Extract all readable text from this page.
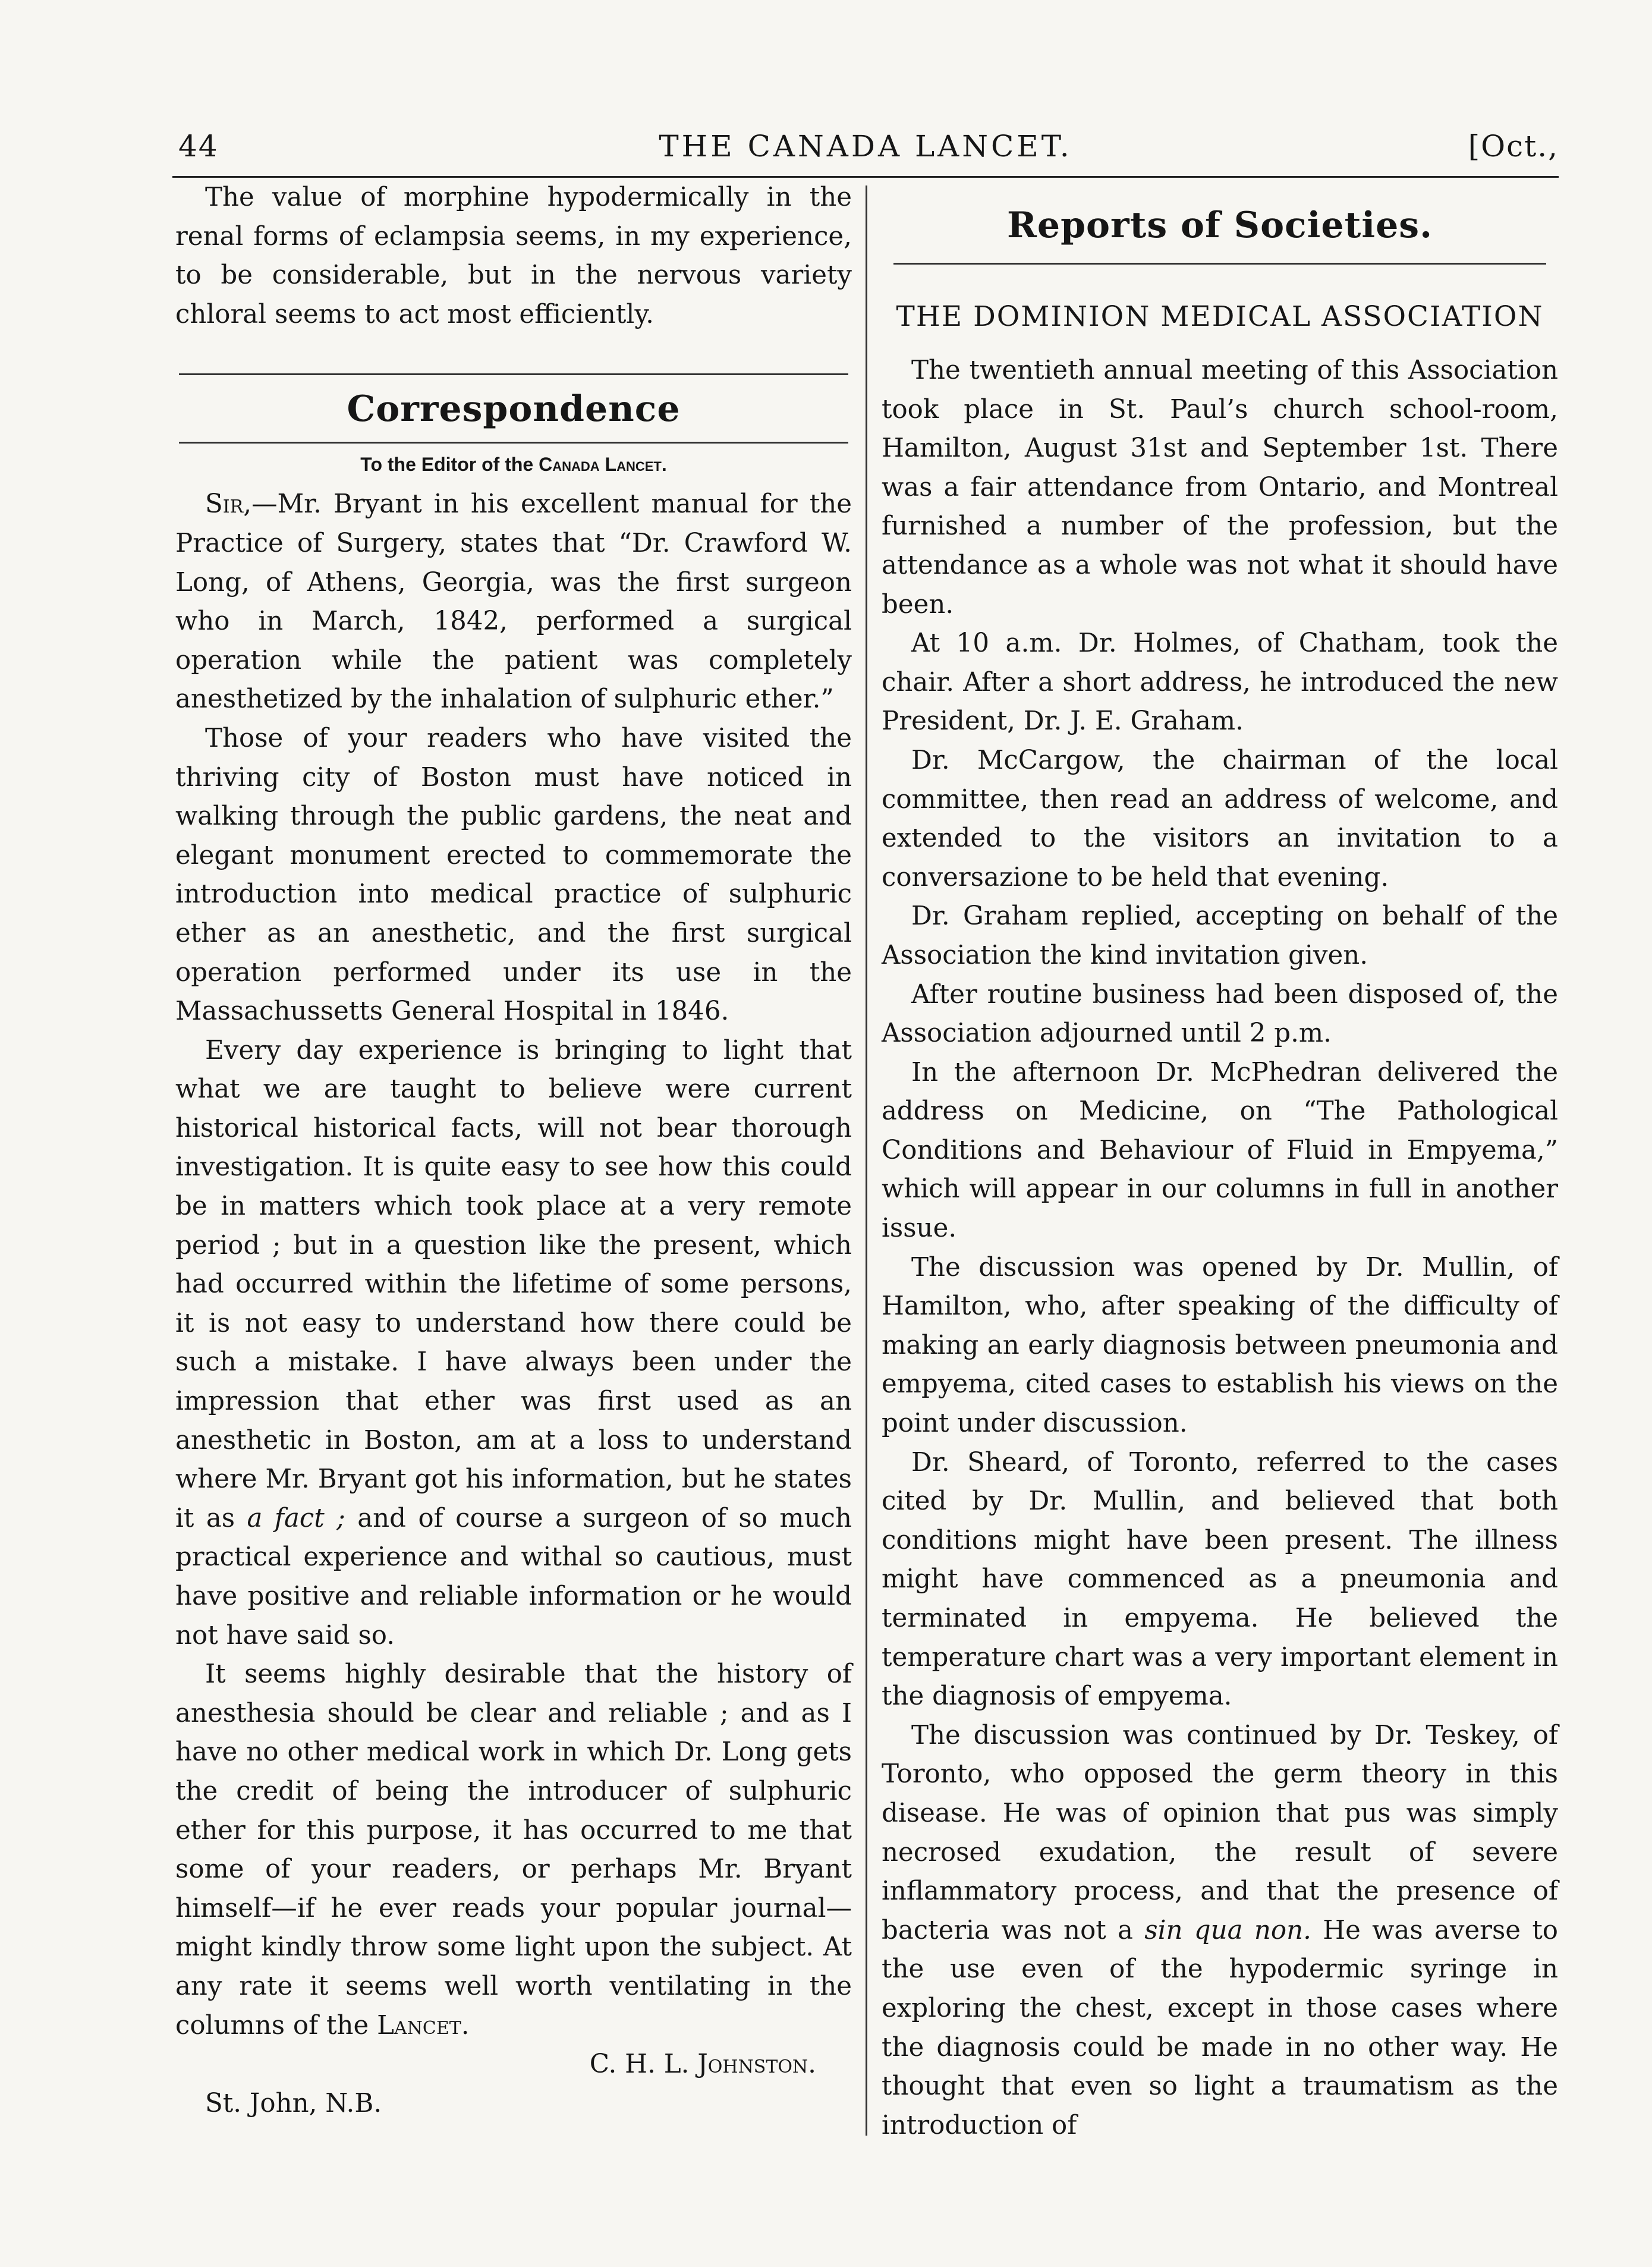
44	THE CANADA LANCET.	[Oct.,

The value of morphine hypodermically in the renal forms of eclampsia seems, in my experience, to be considerable, but in the nervous variety chloral seems to act most efficiently.

Correspondence
To the Editor of the Canada Lancet.

Sir,—Mr. Bryant in his excellent manual for the Practice of Surgery, states that “Dr. Crawford W. Long, of Athens, Georgia, was the first surgeon who in March, 1842, performed a surgical operation while the patient was completely anesthetized by the inhalation of sulphuric ether.”

Those of your readers who have visited the thriving city of Boston must have noticed in walking through the public gardens, the neat and elegant monument erected to commemorate the introduction into medical practice of sulphuric ether as an anesthetic, and the first surgical operation performed under its use in the Massachussetts General Hospital in 1846.

Every day experience is bringing to light that what we are taught to believe were current historical historical facts, will not bear thorough investigation. It is quite easy to see how this could be in matters which took place at a very remote period ; but in a question like the present, which had occurred within the lifetime of some persons, it is not easy to understand how there could be such a mistake. I have always been under the impression that ether was first used as an anesthetic in Boston, am at a loss to understand where Mr. Bryant got his information, but he states it as a fact ; and of course a surgeon of so much practical experience and withal so cautious, must have positive and reliable information or he would not have said so.

It seems highly desirable that the history of anesthesia should be clear and reliable ; and as I have no other medical work in which Dr. Long gets the credit of being the introducer of sulphuric ether for this purpose, it has occurred to me that some of your readers, or perhaps Mr. Bryant himself—if he ever reads your popular journal—might kindly throw some light upon the subject. At any rate it seems well worth ventilating in the columns of the Lancet.

C. H. L. Johnston.

St. John, N.B.

Reports of Societies.
THE DOMINION MEDICAL ASSOCIATION

The twentieth annual meeting of this Association took place in St. Paul’s church school-room, Hamilton, August 31st and September 1st. There was a fair attendance from Ontario, and Montreal furnished a number of the profession, but the attendance as a whole was not what it should have been.

At 10 a.m. Dr. Holmes, of Chatham, took the chair. After a short address, he introduced the new President, Dr. J. E. Graham.

Dr. McCargow, the chairman of the local committee, then read an address of welcome, and extended to the visitors an invitation to a conversazione to be held that evening.

Dr. Graham replied, accepting on behalf of the Association the kind invitation given.

After routine business had been disposed of, the Association adjourned until 2 p.m.

In the afternoon Dr. McPhedran delivered the address on Medicine, on “The Pathological Conditions and Behaviour of Fluid in Empyema,” which will appear in our columns in full in another issue.

The discussion was opened by Dr. Mullin, of Hamilton, who, after speaking of the difficulty of making an early diagnosis between pneumonia and empyema, cited cases to establish his views on the point under discussion.

Dr. Sheard, of Toronto, referred to the cases cited by Dr. Mullin, and believed that both conditions might have been present. The illness might have commenced as a pneumonia and terminated in empyema. He believed the temperature chart was a very important element in the diagnosis of empyema.

The discussion was continued by Dr. Teskey, of Toronto, who opposed the germ theory in this disease. He was of opinion that pus was simply necrosed exudation, the result of severe inflammatory process, and that the presence of bacteria was not a sin qua non. He was averse to the use even of the hypodermic syringe in exploring the chest, except in those cases where the diagnosis could be made in no other way. He thought that even so light a traumatism as the introduction of
